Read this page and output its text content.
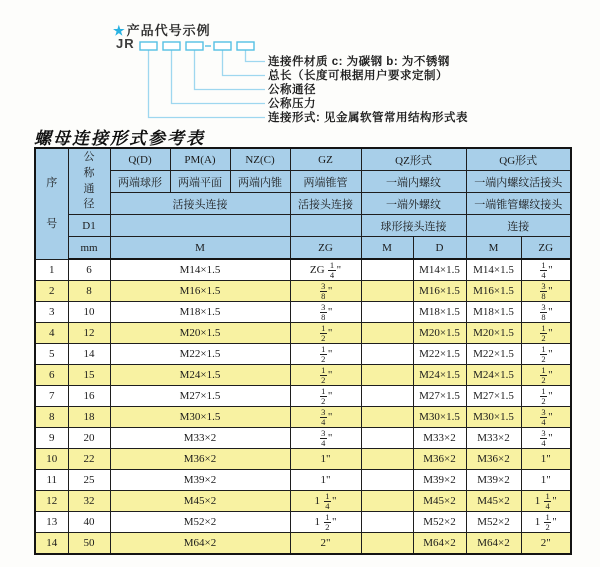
★产品代号示例
JR
连接件材质 c: 为碳钢 b: 为不锈钢
总长（长度可根据用户要求定制）
公称通径
公称压力
连接形式: 见金属软管常用结构形式表
螺母连接形式参考表
序号	公称通径	Q(D)	PM(A)	NZ(C)	GZ	QZ形式		QG形式	
		两端球形	两端平面	两端内锥	两端锥管	一端内螺纹		一端内螺纹活接头	
		活接头连接			活接头连接	一端外螺纹		一端锥管螺纹接头	
	D1					球形接头连接		连接	
	mm	M			ZG	M	D	M	ZG
1	6	M14×1.5			ZG $\frac{1}{4}$ "		M14×1.5	M14×1.5	$\frac{1}{4}$ "
2	8	M16×1.5			$\frac{3}{8}$ "		M16×1.5	M16×1.5	$\frac{3}{8}$ "
3	10	M18×1.5			$\frac{3}{8}$ "		M18×1.5	M18×1.5	$\frac{3}{8}$ "
4	12	M20×1.5			$\frac{1}{2}$ "		M20×1.5	M20×1.5	$\frac{1}{2}$ "
5	14	M22×1.5			$\frac{1}{2}$ "		M22×1.5	M22×1.5	$\frac{1}{2}$ "
6	15	M24×1.5			$\frac{1}{2}$ "		M24×1.5	M24×1.5	$\frac{1}{2}$ "
7	16	M27×1.5			$\frac{1}{2}$ "		M27×1.5	M27×1.5	$\frac{1}{2}$ "
8	18	M30×1.5			$\frac{3}{4}$ "		M30×1.5	M30×1.5	$\frac{3}{4}$ "
9	20	M33×2			$\frac{3}{4}$ "		M33×2	M33×2	$\frac{3}{4}$ "
10	22	M36×2			1"		M36×2	M36×2	1"
11	25	M39×2			1"		M39×2	M39×2	1"
12	32	M45×2			$1 \frac{1}{4}$ "		M45×2	M45×2	$1 \frac{1}{4}$ "
13	40	M52×2			$1 \frac{1}{2}$ "		M52×2	M52×2	$1 \frac{1}{2}$ "
14	50	M64×2			2"		M64×2	M64×2	2"
